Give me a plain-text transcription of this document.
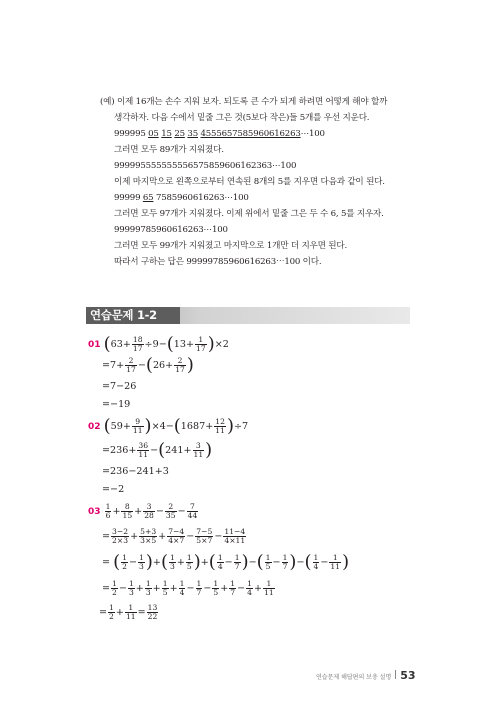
(예) 이제 16개는 손수 지워 보자. 되도록 큰 수가 되게 하려면 어떻게 해야 할까
생각하자. 다음 수에서 밑줄 그은 것(5보다 작은)들 5개를 우선 지운다.
999995 05 15 25 35 4555657585960616263⋯100
그러면 모두 89개가 지워졌다.
999995555555556575859606162363⋯100
이제 마지막으로 왼쪽으로부터 연속된 8개의 5를 지우면 다음과 같이 된다.
99999 65 7585960616263⋯100
그러면 모두 97개가 지워졌다. 이제 위에서 밑줄 그은 두 수 6, 5를 지우자.
99999785960616263⋯100
그러면 모두 99개가 지워졌고 마지막으로 1개만 더 지우면 된다.
따라서 구하는 답은 99999785960616263⋯100 이다.
연습문제 1-2
01 ($63+ \frac{18}{17} \div 9-(13+ \frac{1}{17} )\times 2$
$=7+ \frac{2}{17} -(26+ \frac{2}{17}$ )
=7−26
=−19
02 $(59+ \frac{9}{11} )\times 4-(1687+ \frac{12}{11} )\div 7$
$=236+ \frac{36}{11} -(241+ \frac{3}{11}$ )
=236−241+3
=−2
$03 \frac{1}{6} + \frac{8}{15} + \frac{3}{28} - \frac{2}{35} - \frac{7}{44}$
= $\frac{3-2}{2\times 3} + \frac{5+3}{3\times 5} + \frac{7-4}{4\times 7} - \frac{7-5}{5\times 7} - \frac{11-4}{4\times 11}$
= ( $\frac{1}{2} - \frac{1}{3}$ )+( $\frac{1}{3} + \frac{1}{5}$ )+( $\frac{1}{4} - \frac{1}{7}$ )−( $\frac{1}{5} - \frac{1}{7}$ )−( $\frac{1}{4} - \frac{1}{11}$ )
= $\frac{1}{2} - \frac{1}{3} + \frac{1}{3} + \frac{1}{5} + \frac{1}{4} - \frac{1}{7} - \frac{1}{5} + \frac{1}{7} - \frac{1}{4} + \frac{1}{11}$
= $\frac{1}{2} + \frac{1}{11} = \frac{13}{22}$
연습문제 해답편의 보충 설명 53
